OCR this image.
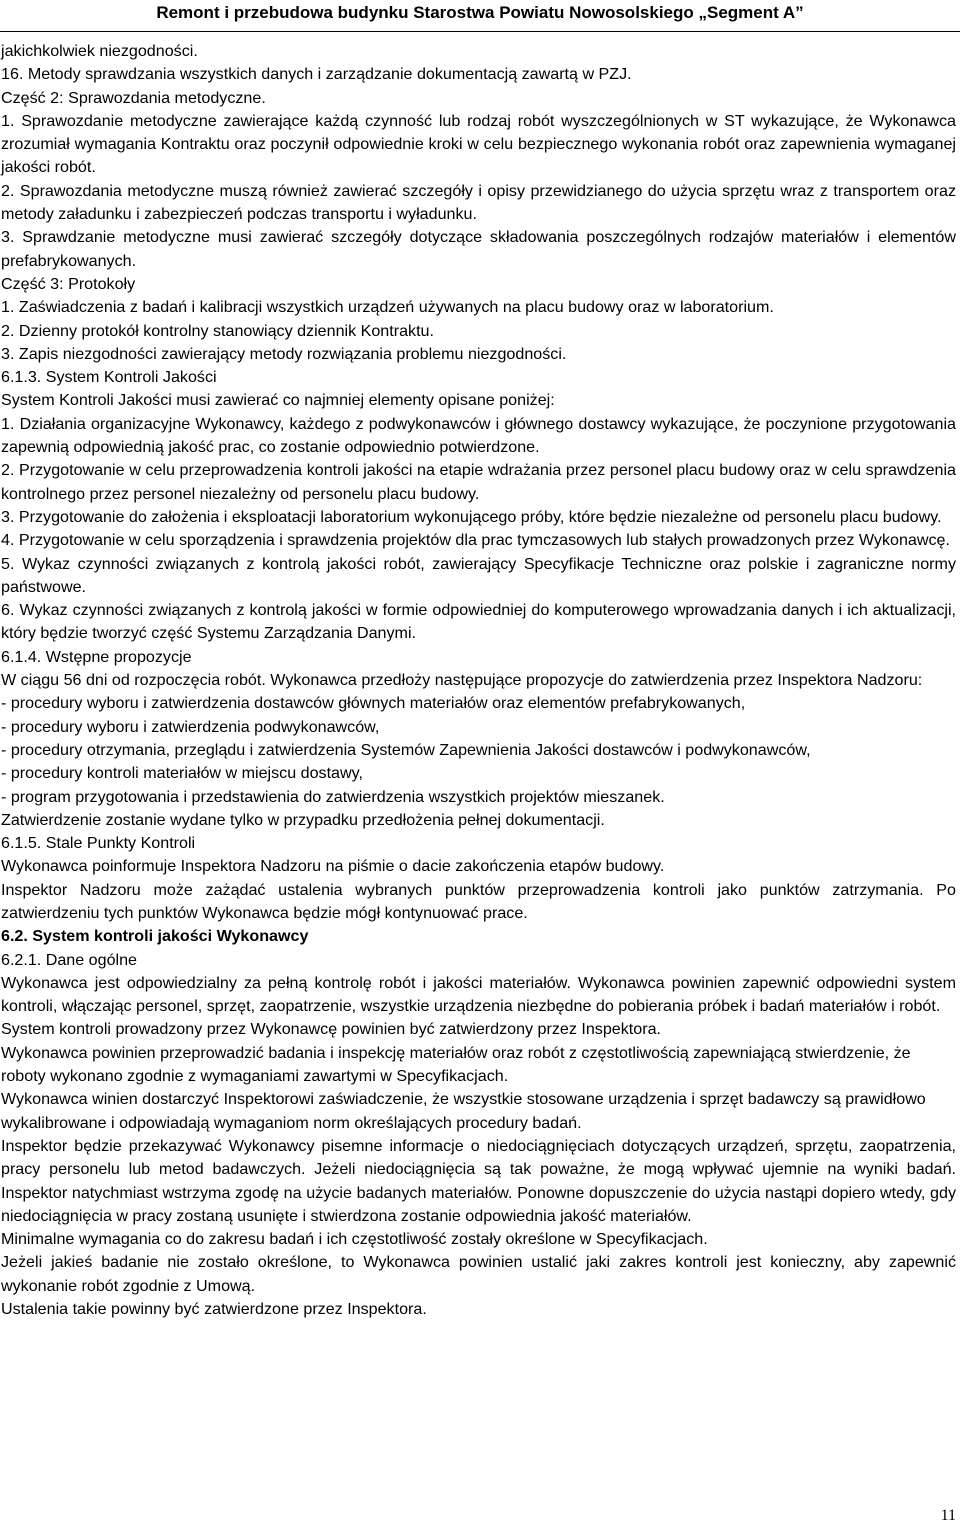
Remont i przebudowa budynku Starostwa Powiatu Nowosolskiego „Segment A”

jakichkolwiek niezgodności.

16. Metody sprawdzania wszystkich danych i zarządzanie dokumentacją zawartą w PZJ.

Część 2: Sprawozdania metodyczne.

1. Sprawozdanie metodyczne zawierające każdą czynność lub rodzaj robót wyszczególnionych w ST wykazujące, że Wykonawca zrozumiał wymagania Kontraktu oraz poczynił odpowiednie kroki w celu bezpiecznego wykonania robót oraz zapewnienia wymaganej jakości robót.

2. Sprawozdania metodyczne muszą również zawierać szczegóły i opisy przewidzianego do użycia sprzętu wraz z transportem oraz metody załadunku i zabezpieczeń podczas transportu i wyładunku.

3. Sprawdzanie metodyczne musi zawierać szczegóły dotyczące składowania poszczególnych rodzajów materiałów i elementów prefabrykowanych.

Część 3: Protokoły

1. Zaświadczenia z badań i kalibracji wszystkich urządzeń używanych na placu budowy oraz w laboratorium.

2. Dzienny protokół kontrolny stanowiący dziennik Kontraktu.

3. Zapis niezgodności zawierający metody rozwiązania problemu niezgodności.

6.1.3. System Kontroli Jakości

System Kontroli Jakości musi zawierać co najmniej elementy opisane poniżej:

1. Działania organizacyjne Wykonawcy, każdego z podwykonawców i głównego dostawcy wykazujące, że poczynione przygotowania zapewnią odpowiednią jakość prac, co zostanie odpowiednio potwierdzone.

2. Przygotowanie w celu przeprowadzenia kontroli jakości na etapie wdrażania przez personel placu budowy oraz w celu sprawdzenia kontrolnego przez personel niezależny od personelu placu budowy.

3. Przygotowanie do założenia i eksploatacji laboratorium wykonującego próby, które będzie niezależne od personelu placu budowy.

4. Przygotowanie w celu sporządzenia i sprawdzenia projektów dla prac tymczasowych lub stałych prowadzonych przez Wykonawcę.

5. Wykaz czynności związanych z kontrolą jakości robót, zawierający Specyfikacje Techniczne oraz polskie i zagraniczne normy państwowe.

6. Wykaz czynności związanych z kontrolą jakości w formie odpowiedniej do komputerowego wprowadzania danych i ich aktualizacji, który będzie tworzyć część Systemu Zarządzania Danymi.

6.1.4. Wstępne propozycje

W ciągu 56 dni od rozpoczęcia robót. Wykonawca przedłoży następujące propozycje do zatwierdzenia przez Inspektora Nadzoru:

- procedury wyboru i zatwierdzenia dostawców głównych materiałów oraz elementów prefabrykowanych,

- procedury wyboru i zatwierdzenia podwykonawców,

- procedury otrzymania, przeglądu i zatwierdzenia Systemów Zapewnienia Jakości dostawców i podwykonawców,

- procedury kontroli materiałów w miejscu dostawy,

- program przygotowania i przedstawienia do zatwierdzenia wszystkich projektów mieszanek.

Zatwierdzenie zostanie wydane tylko w przypadku przedłożenia pełnej dokumentacji.

6.1.5. Stale Punkty Kontroli

Wykonawca poinformuje Inspektora Nadzoru na piśmie o dacie zakończenia etapów budowy.

Inspektor Nadzoru może zażądać ustalenia wybranych punktów przeprowadzenia kontroli jako punktów zatrzymania. Po zatwierdzeniu tych punktów Wykonawca będzie mógł kontynuować prace.

6.2. System kontroli jakości Wykonawcy

6.2.1. Dane ogólne

Wykonawca jest odpowiedzialny za pełną kontrolę robót i jakości materiałów. Wykonawca powinien zapewnić odpowiedni system kontroli, włączając personel, sprzęt, zaopatrzenie, wszystkie urządzenia niezbędne do pobierania próbek i badań materiałów i robót.

System kontroli prowadzony przez Wykonawcę powinien być zatwierdzony przez Inspektora.

Wykonawca powinien przeprowadzić badania i inspekcję materiałów oraz robót z częstotliwością zapewniającą stwierdzenie, że roboty wykonano zgodnie z wymaganiami zawartymi w Specyfikacjach.

Wykonawca winien dostarczyć Inspektorowi zaświadczenie, że wszystkie stosowane urządzenia i sprzęt badawczy są prawidłowo wykalibrowane i odpowiadają wymaganiom norm określających procedury badań.

Inspektor będzie przekazywać Wykonawcy pisemne informacje o niedociągnięciach dotyczących urządzeń, sprzętu, zaopatrzenia, pracy personelu lub metod badawczych. Jeżeli niedociągnięcia są tak poważne, że mogą wpływać ujemnie na wyniki badań. Inspektor natychmiast wstrzyma zgodę na użycie badanych materiałów. Ponowne dopuszczenie do użycia nastąpi dopiero wtedy, gdy niedociągnięcia w pracy zostaną usunięte i stwierdzona zostanie odpowiednia jakość materiałów.

Minimalne wymagania co do zakresu badań i ich częstotliwość zostały określone w Specyfikacjach.

Jeżeli jakieś badanie nie zostało określone, to Wykonawca powinien ustalić jaki zakres kontroli jest konieczny, aby zapewnić wykonanie robót zgodnie z Umową.

Ustalenia takie powinny być zatwierdzone przez Inspektora.

11
